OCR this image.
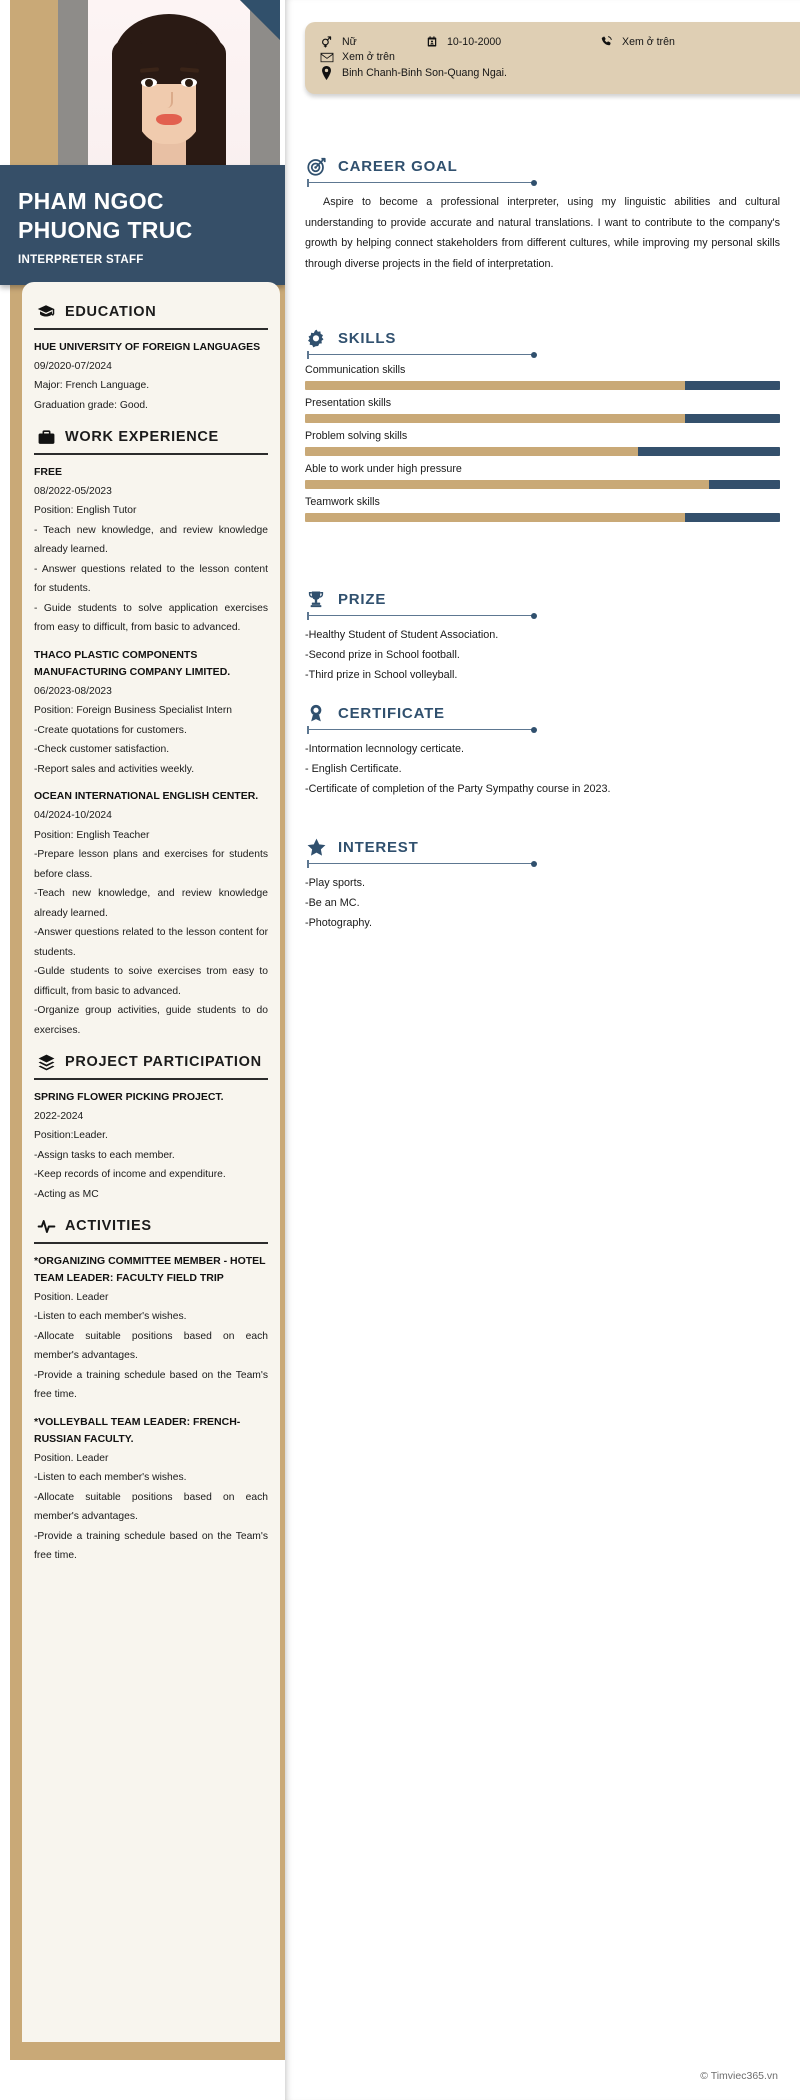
PHAM NGOC PHUONG TRUC
INTERPRETER STAFF
EDUCATION
HUE UNIVERSITY OF FOREIGN LANGUAGES
09/2020-07/2024
Major: French Language.
Graduation grade: Good.
WORK EXPERIENCE
FREE
08/2022-05/2023
Position: English Tutor
- Teach new knowledge, and review knowledge already learned.
- Answer questions related to the lesson content for students.
- Guide students to solve application exercises from easy to difficult, from basic to advanced.
THACO PLASTIC COMPONENTS MANUFACTURING COMPANY LIMITED.
06/2023-08/2023
Position: Foreign Business Specialist Intern
-Create quotations for customers.
-Check customer satisfaction.
-Report sales and activities weekly.
OCEAN INTERNATIONAL ENGLISH CENTER.
04/2024-10/2024
Position: English Teacher
-Prepare lesson plans and exercises for students before class.
-Teach new knowledge, and review knowledge already learned.
-Answer questions related to the lesson content for students.
-Gulde students to soive exercises trom easy to difficult, from basic to advanced.
-Organize group activities, guide students to do exercises.
PROJECT PARTICIPATION
SPRING FLOWER PICKING PROJECT.
2022-2024
Position:Leader.
-Assign tasks to each member.
-Keep records of income and expenditure.
-Acting as MC
ACTIVITIES
*ORGANIZING COMMITTEE MEMBER - HOTEL TEAM LEADER: FACULTY FIELD TRIP
Position. Leader
-Listen to each member's wishes.
-Allocate suitable positions based on each member's advantages.
-Provide a training schedule based on the Team's free time.
*VOLLEYBALL TEAM LEADER: FRENCH-RUSSIAN FACULTY.
Position. Leader
-Listen to each member's wishes.
-Allocate suitable positions based on each member's advantages.
-Provide a training schedule based on the Team's free time.
Nữ	10-10-2000	Xem ở trên
Xem ở trên
Binh Chanh-Binh Son-Quang Ngai.
CAREER GOAL
Aspire to become a professional interpreter, using my linguistic abilities and cultural understanding to provide accurate and natural translations. I want to contribute to the company's growth by helping connect stakeholders from different cultures, while improving my personal skills through diverse projects in the field of interpretation.
SKILLS
Communication skills
Presentation skills
Problem solving skills
Able to work under high pressure
Teamwork skills
PRIZE
-Healthy Student of Student Association.
-Second prize in School football.
-Third prize in School volleyball.
CERTIFICATE
-Intormation lecnnology certicate.
- English Certificate.
-Certificate of completion of the Party Sympathy course in 2023.
INTEREST
-Play sports.
-Be an MC.
-Photography.
© Timviec365.vn
